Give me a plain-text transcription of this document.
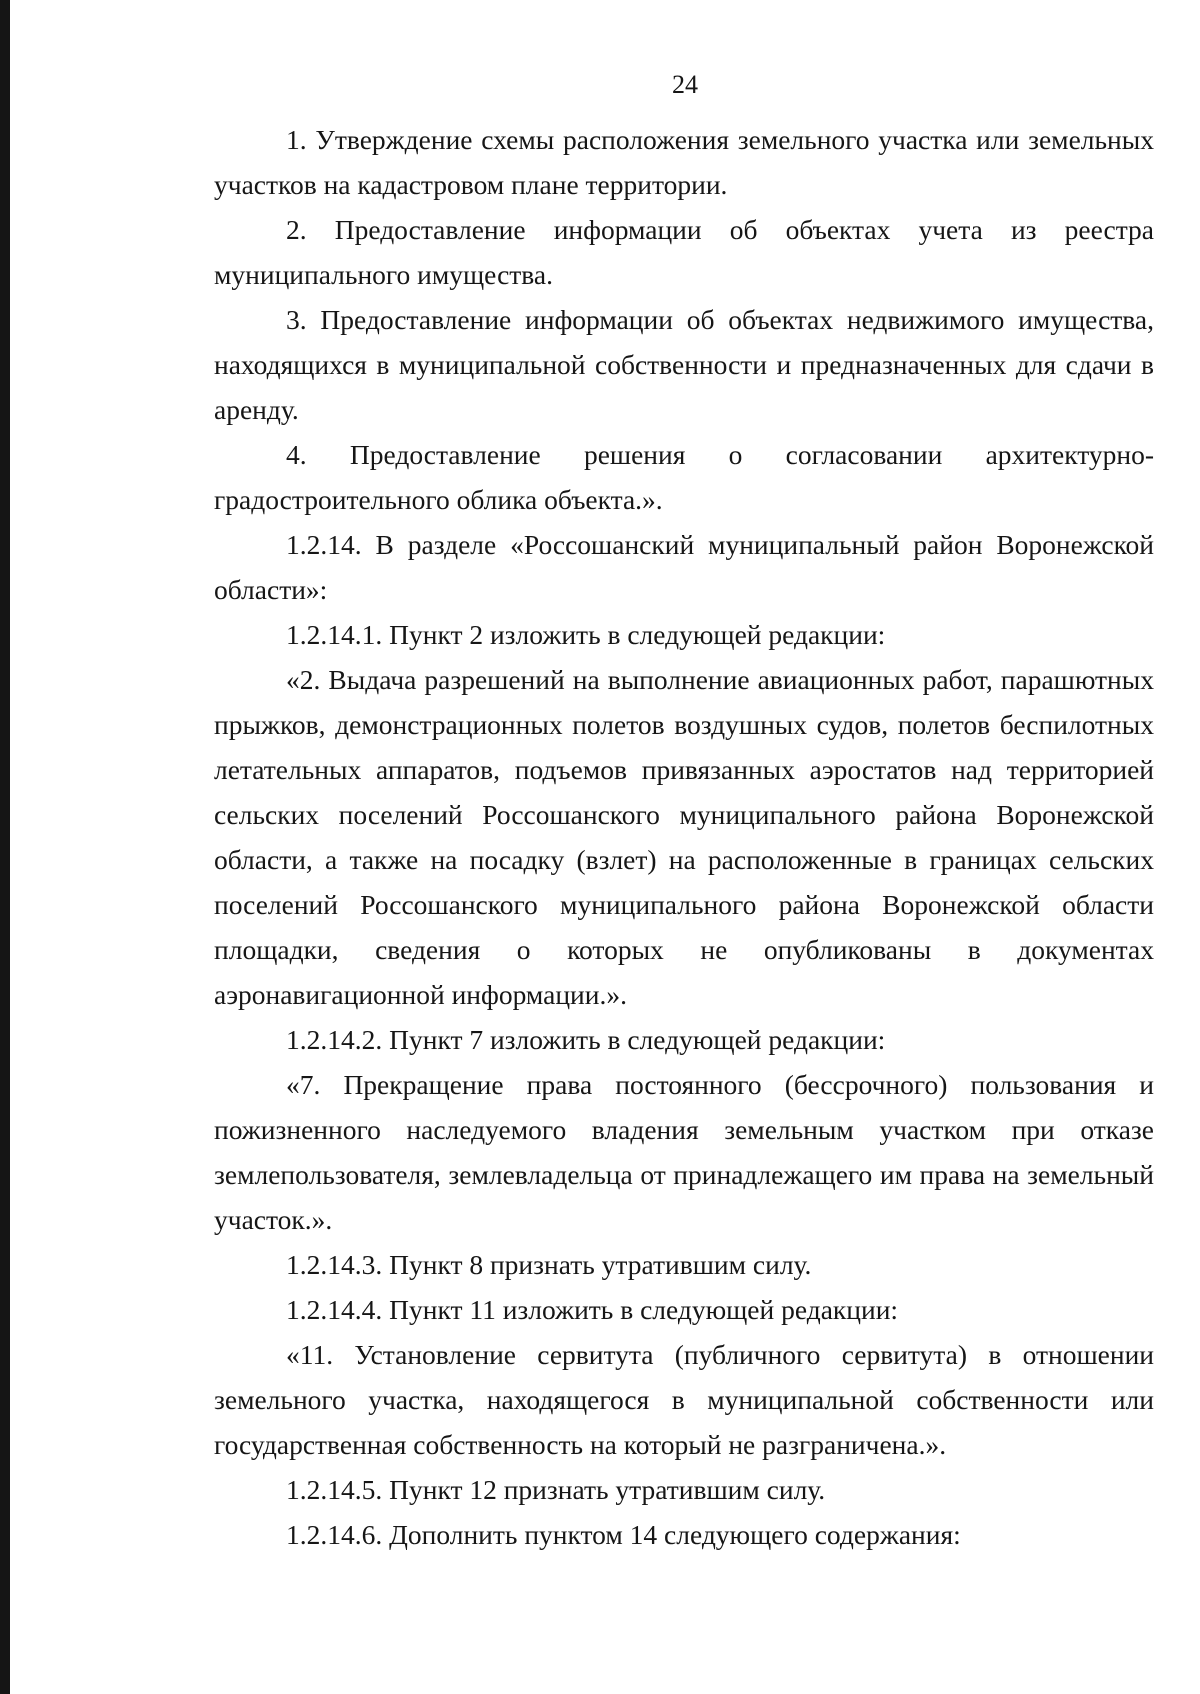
24

1. Утверждение схемы расположения земельного участка или земельных участков на кадастровом плане территории.

2. Предоставление информации об объектах учета из реестра муниципального имущества.

3. Предоставление информации об объектах недвижимого имущества, находящихся в муниципальной собственности и предназначенных для сдачи в аренду.

4. Предоставление решения о согласовании архитектурно-градостроительного облика объекта.».

1.2.14. В разделе «Россошанский муниципальный район Воронежской области»:

1.2.14.1. Пункт 2 изложить в следующей редакции:

«2. Выдача разрешений на выполнение авиационных работ, парашютных прыжков, демонстрационных полетов воздушных судов, полетов беспилотных летательных аппаратов, подъемов привязанных аэростатов над территорией сельских поселений Россошанского муниципального района Воронежской области, а также на посадку (взлет) на расположенные в границах сельских поселений Россошанского муниципального района Воронежской области площадки, сведения о которых не опубликованы в документах аэронавигационной информации.».

1.2.14.2. Пункт 7 изложить в следующей редакции:

«7. Прекращение права постоянного (бессрочного) пользования и пожизненного наследуемого владения земельным участком при отказе землепользователя, землевладельца от принадлежащего им права на земельный участок.».

1.2.14.3. Пункт 8 признать утратившим силу.

1.2.14.4. Пункт 11 изложить в следующей редакции:

«11. Установление сервитута (публичного сервитута) в отношении земельного участка, находящегося в муниципальной собственности или государственная собственность на который не разграничена.».

1.2.14.5. Пункт 12 признать утратившим силу.

1.2.14.6. Дополнить пунктом 14 следующего содержания:
